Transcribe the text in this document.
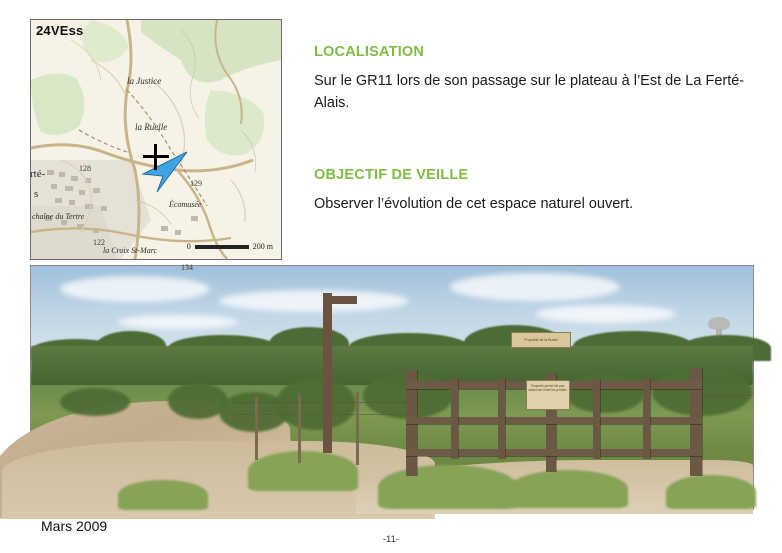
24VEss
la Justice
la Ruelle
Écomusée
la Croix St-Marc
chaîne du Tertre
rté-
s
128
129
122
134
0	200 m

LOCALISATION

Sur le GR11 lors de son passage sur le plateau à l’Est de La Ferté-Alais.

OBJECTIF DE VEILLE

Observer l’évolution de cet espace naturel ouvert.

Propriété de la Ruelle
Propriété privée Ne pas stationner entre les portails
Mars 2009
-11-
